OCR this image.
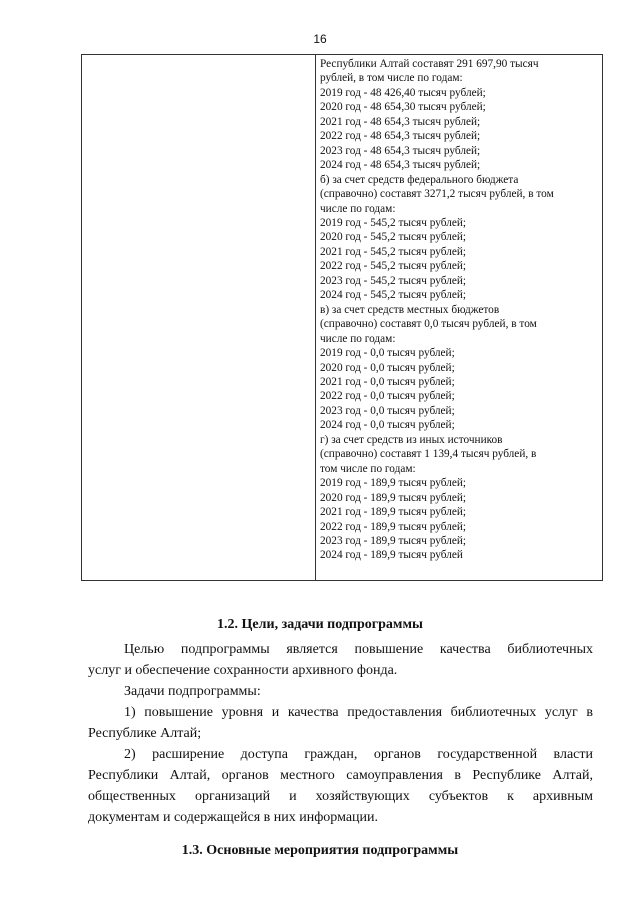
16
Республики Алтай составят 291 697,90 тысяч
рублей, в том числе по годам:
2019 год - 48 426,40 тысяч рублей;
2020 год - 48 654,30 тысяч рублей;
2021 год - 48 654,3 тысяч рублей;
2022 год - 48 654,3 тысяч рублей;
2023 год - 48 654,3 тысяч рублей;
2024 год - 48 654,3 тысяч рублей;
б) за счет средств федерального бюджета
(справочно) составят 3271,2 тысяч рублей, в том
числе по годам:
2019 год - 545,2 тысяч рублей;
2020 год - 545,2 тысяч рублей;
2021 год - 545,2 тысяч рублей;
2022 год - 545,2 тысяч рублей;
2023 год - 545,2 тысяч рублей;
2024 год - 545,2 тысяч рублей;
в) за счет средств местных бюджетов
(справочно) составят 0,0 тысяч рублей, в том
числе по годам:
2019 год - 0,0 тысяч рублей;
2020 год - 0,0 тысяч рублей;
2021 год - 0,0 тысяч рублей;
2022 год - 0,0 тысяч рублей;
2023 год - 0,0 тысяч рублей;
2024 год - 0,0 тысяч рублей;
г) за счет средств из иных источников
(справочно) составят 1 139,4 тысяч рублей, в
том числе по годам:
2019 год - 189,9 тысяч рублей;
2020 год - 189,9 тысяч рублей;
2021 год - 189,9 тысяч рублей;
2022 год - 189,9 тысяч рублей;
2023 год - 189,9 тысяч рублей;
2024 год - 189,9 тысяч рублей
1.2. Цели, задачи подпрограммы
Целью подпрограммы является повышение качества библиотечных
услуг и обеспечение сохранности архивного фонда.
Задачи подпрограммы:
1) повышение уровня и качества предоставления библиотечных услуг в
Республике Алтай;
2) расширение доступа граждан, органов государственной власти
Республики Алтай, органов местного самоуправления в Республике Алтай,
общественных организаций и хозяйствующих субъектов к архивным
документам и содержащейся в них информации.
1.3. Основные мероприятия подпрограммы
